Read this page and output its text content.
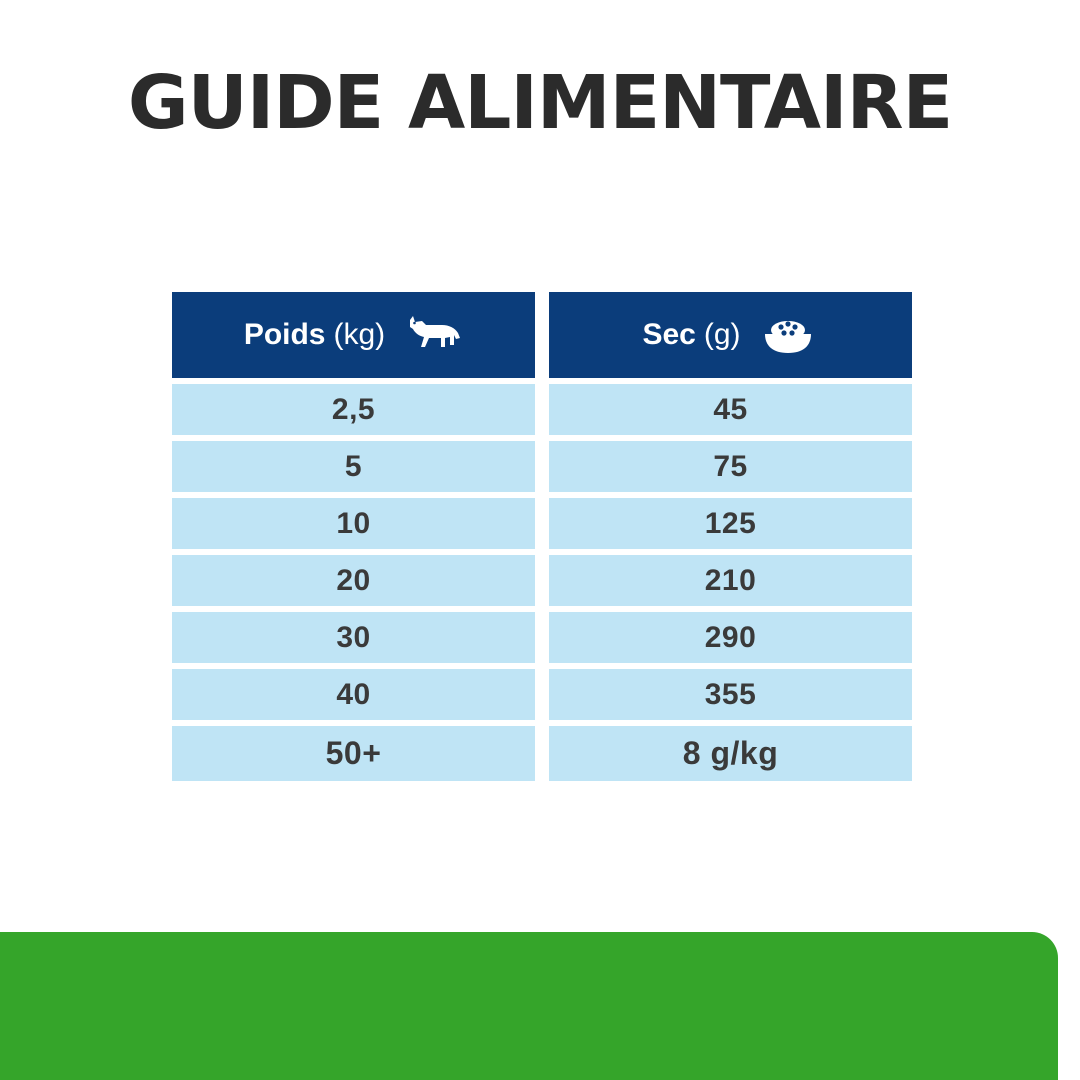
GUIDE ALIMENTAIRE
Poids (kg)
2,5
5
10
20
30
40
50+
Sec (g)
45
75
125
210
290
355
8 g/kg
